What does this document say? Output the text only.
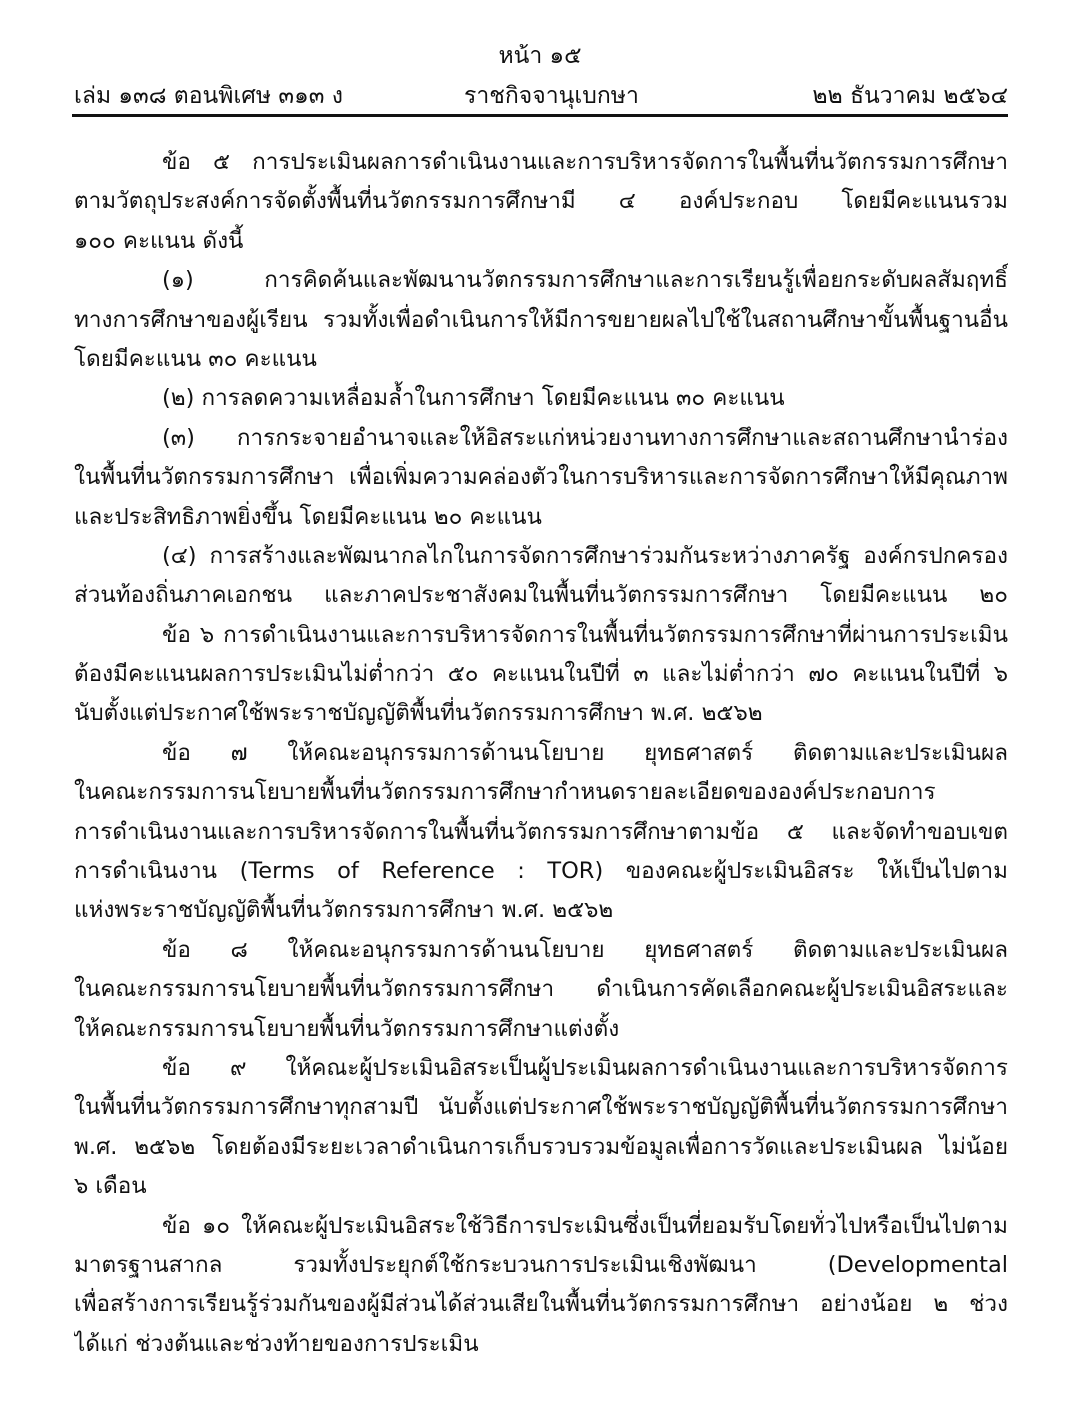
หน้า ๑๕
เล่ม ๑๓๘ ตอนพิเศษ ๓๑๓ ง	ราชกิจจานุเบกษา	๒๒ ธันวาคม ๒๕๖๔
ข้อ ๕ การประเมินผลการดำเนินงานและการบริหารจัดการในพื้นที่นวัตกรรมการศึกษา
ตามวัตถุประสงค์การจัดตั้งพื้นที่นวัตกรรมการศึกษามี ๔ องค์ประกอบ โดยมีคะแนนรวม
๑๐๐ คะแนน ดังนี้
(๑) การคิดค้นและพัฒนานวัตกรรมการศึกษาและการเรียนรู้เพื่อยกระดับผลสัมฤทธิ์
ทางการศึกษาของผู้เรียน รวมทั้งเพื่อดำเนินการให้มีการขยายผลไปใช้ในสถานศึกษาขั้นพื้นฐานอื่น
โดยมีคะแนน ๓๐ คะแนน
(๒) การลดความเหลื่อมล้ำในการศึกษา โดยมีคะแนน ๓๐ คะแนน
(๓) การกระจายอำนาจและให้อิสระแก่หน่วยงานทางการศึกษาและสถานศึกษานำร่อง
ในพื้นที่นวัตกรรมการศึกษา เพื่อเพิ่มความคล่องตัวในการบริหารและการจัดการศึกษาให้มีคุณภาพ
และประสิทธิภาพยิ่งขึ้น โดยมีคะแนน ๒๐ คะแนน
(๔) การสร้างและพัฒนากลไกในการจัดการศึกษาร่วมกันระหว่างภาครัฐ องค์กรปกครอง
ส่วนท้องถิ่นภาคเอกชน และภาคประชาสังคมในพื้นที่นวัตกรรมการศึกษา โดยมีคะแนน ๒๐
ข้อ ๖ การดำเนินงานและการบริหารจัดการในพื้นที่นวัตกรรมการศึกษาที่ผ่านการประเมิน
ต้องมีคะแนนผลการประเมินไม่ต่ำกว่า ๕๐ คะแนนในปีที่ ๓ และไม่ต่ำกว่า ๗๐ คะแนนในปีที่ ๖
นับตั้งแต่ประกาศใช้พระราชบัญญัติพื้นที่นวัตกรรมการศึกษา พ.ศ. ๒๕๖๒
ข้อ ๗ ให้คณะอนุกรรมการด้านนโยบาย ยุทธศาสตร์ ติดตามและประเมินผล
ในคณะกรรมการนโยบายพื้นที่นวัตกรรมการศึกษากำหนดรายละเอียดขององค์ประกอบการ
การดำเนินงานและการบริหารจัดการในพื้นที่นวัตกรรมการศึกษาตามข้อ ๕ และจัดทำขอบเขต
การดำเนินงาน (Terms of Reference : TOR) ของคณะผู้ประเมินอิสระ ให้เป็นไปตาม
แห่งพระราชบัญญัติพื้นที่นวัตกรรมการศึกษา พ.ศ. ๒๕๖๒
ข้อ ๘ ให้คณะอนุกรรมการด้านนโยบาย ยุทธศาสตร์ ติดตามและประเมินผล
ในคณะกรรมการนโยบายพื้นที่นวัตกรรมการศึกษา ดำเนินการคัดเลือกคณะผู้ประเมินอิสระและ
ให้คณะกรรมการนโยบายพื้นที่นวัตกรรมการศึกษาแต่งตั้ง
ข้อ ๙ ให้คณะผู้ประเมินอิสระเป็นผู้ประเมินผลการดำเนินงานและการบริหารจัดการ
ในพื้นที่นวัตกรรมการศึกษาทุกสามปี นับตั้งแต่ประกาศใช้พระราชบัญญัติพื้นที่นวัตกรรมการศึกษา
พ.ศ. ๒๕๖๒ โดยต้องมีระยะเวลาดำเนินการเก็บรวบรวมข้อมูลเพื่อการวัดและประเมินผล ไม่น้อย
๖ เดือน
ข้อ ๑๐ ให้คณะผู้ประเมินอิสระใช้วิธีการประเมินซึ่งเป็นที่ยอมรับโดยทั่วไปหรือเป็นไปตาม
มาตรฐานสากล รวมทั้งประยุกต์ใช้กระบวนการประเมินเชิงพัฒนา (Developmental
เพื่อสร้างการเรียนรู้ร่วมกันของผู้มีส่วนได้ส่วนเสียในพื้นที่นวัตกรรมการศึกษา อย่างน้อย ๒ ช่วง
ได้แก่ ช่วงต้นและช่วงท้ายของการประเมิน
